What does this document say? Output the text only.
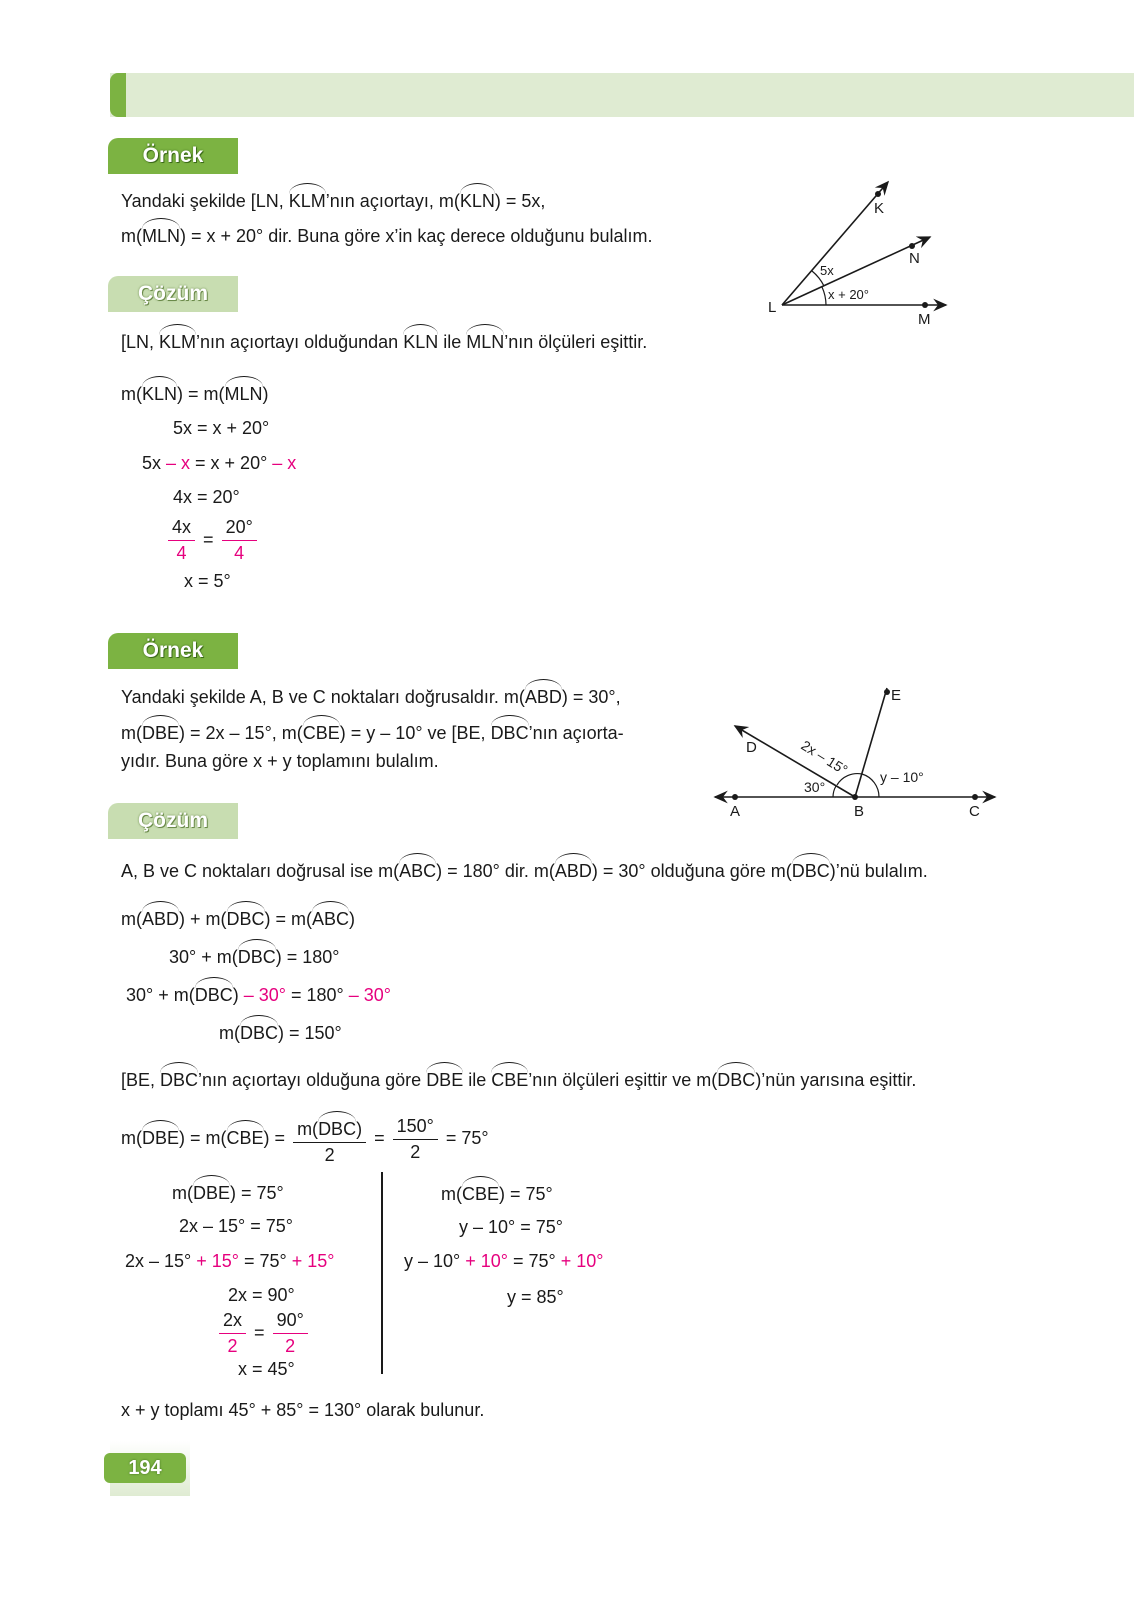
Örnek
Yandaki şekilde [LN, KLM’nın açıortayı, m(KLN) = 5x,
m(MLN) = x + 20° dir. Buna göre x’in kaç derece olduğunu bulalım.
K
N
L
M
5x
x + 20°
Çözüm
[LN, KLM’nın açıortayı olduğundan KLN ile MLN’nın ölçüleri eşittir.
m(KLN) = m(MLN)
5x = x + 20°
5x – x = x + 20° – x
4x = 20°
$\frac{4x}{4} = \frac{20^\circ}{4}$
x = 5°
Örnek
Yandaki şekilde A, B ve C noktaları doğrusaldır. m(ABD) = 30°,
m(DBE) = 2x – 15°, m(CBE) = y – 10° ve [BE, DBC’nın açıorta-
yıdır. Buna göre x + y toplamını bulalım.
A	B	C
D
E
2x – 15°
30°
y – 10°
Çözüm
A, B ve C noktaları doğrusal ise m(ABC) = 180° dir. m(ABD) = 30° olduğuna göre m(DBC)’nü bulalım.
m(ABD) + m(DBC) = m(ABC)
30° + m(DBC) = 180°
30° + m(DBC) – 30° = 180° – 30°
m(DBC) = 150°
[BE, DBC’nın açıortayı olduğuna göre DBE ile CBE’nın ölçüleri eşittir ve m(DBC)’nün yarısına eşittir.
$m(DBE) = m(CBE) = \frac{\text{m(DBC)}}{2} = \frac{150^\circ}{2} = 75^\circ$
m(DBE) = 75°
2x – 15° = 75°
2x – 15° + 15° = 75° + 15°
2x = 90°
$\frac{2x}{2} = \frac{90^\circ}{2}$
x = 45°
m(CBE) = 75°
y – 10° = 75°
y – 10° + 10° = 75° + 10°
y = 85°
x + y toplamı 45° + 85° = 130° olarak bulunur.
194
